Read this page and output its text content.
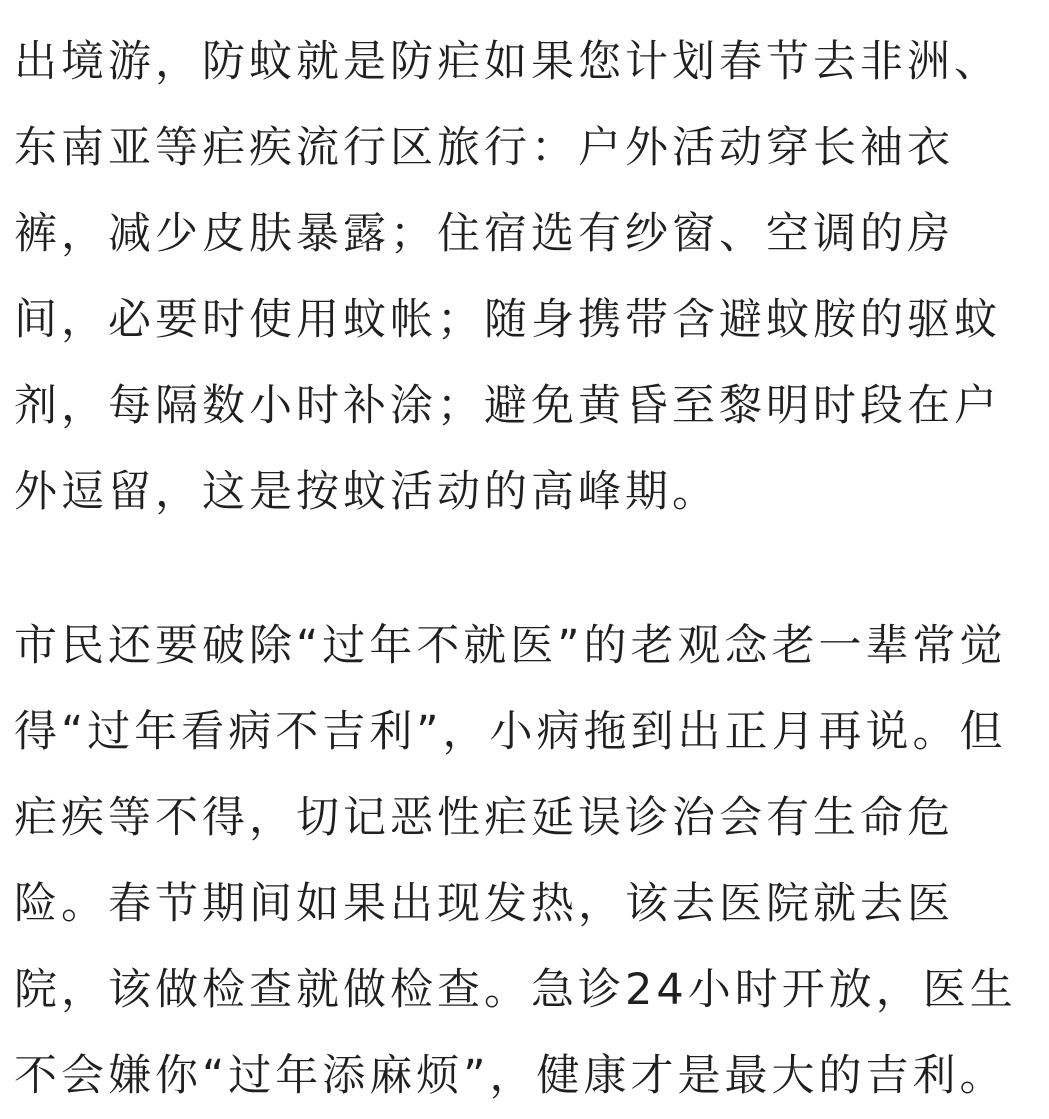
出境游，防蚊就是防疟如果您计划春节去非洲、
东南亚等疟疾流行区旅行：户外活动穿长袖衣
裤，减少皮肤暴露；住宿选有纱窗、空调的房
间，必要时使用蚊帐；随身携带含避蚊胺的驱蚊
剂，每隔数小时补涂；避免黄昏至黎明时段在户
外逗留，这是按蚊活动的高峰期。
市民还要破除“过年不就医”的老观念老一辈常觉
得“过年看病不吉利”，小病拖到出正月再说。但
疟疾等不得，切记恶性疟延误诊治会有生命危
险。春节期间如果出现发热，该去医院就去医
院，该做检查就做检查。急诊24小时开放，医生
不会嫌你“过年添麻烦”，健康才是最大的吉利。
